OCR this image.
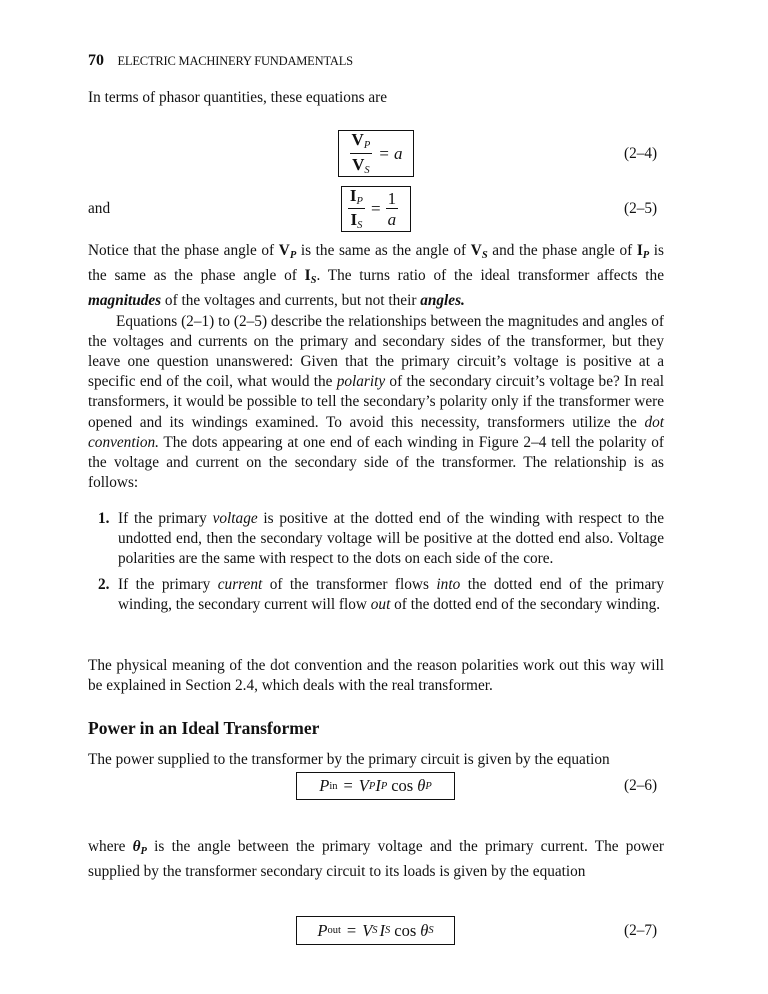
70 ELECTRIC MACHINERY FUNDAMENTALS
In terms of phasor quantities, these equations are
$\frac{V_P}{V_S} = a$	(2–4)
and	$\frac{I_P}{I_S} = \frac{1}{a}$	(2–5)
Notice that the phase angle of $V_P$ is the same as the angle of $V_S$ and the phase angle of $I_P$ is the same as the phase angle of $I_S$. The turns ratio of the ideal transformer affects the magnitudes of the voltages and currents, but not their angles.
Equations (2–1) to (2–5) describe the relationships between the magnitudes and angles of the voltages and currents on the primary and secondary sides of the transformer, but they leave one question unanswered: Given that the primary circuit’s voltage is positive at a specific end of the coil, what would the polarity of the secondary circuit’s voltage be? In real transformers, it would be possible to tell the secondary’s polarity only if the transformer were opened and its windings examined. To avoid this necessity, transformers utilize the dot convention. The dots appearing at one end of each winding in Figure 2–4 tell the polarity of the voltage and current on the secondary side of the transformer. The relationship is as follows:
1. If the primary voltage is positive at the dotted end of the winding with respect to the undotted end, then the secondary voltage will be positive at the dotted end also. Voltage polarities are the same with respect to the dots on each side of the core.
2. If the primary current of the transformer flows into the dotted end of the primary winding, the secondary current will flow out of the dotted end of the secondary winding.
The physical meaning of the dot convention and the reason polarities work out this way will be explained in Section 2.4, which deals with the real transformer.
Power in an Ideal Transformer
The power supplied to the transformer by the primary circuit is given by the equation
P in = V P I P cos θ P	(2–6)
where $\theta_P$ is the angle between the primary voltage and the primary current. The power supplied by the transformer secondary circuit to its loads is given by the equation
P out = V S I S cos θ S	(2–7)
